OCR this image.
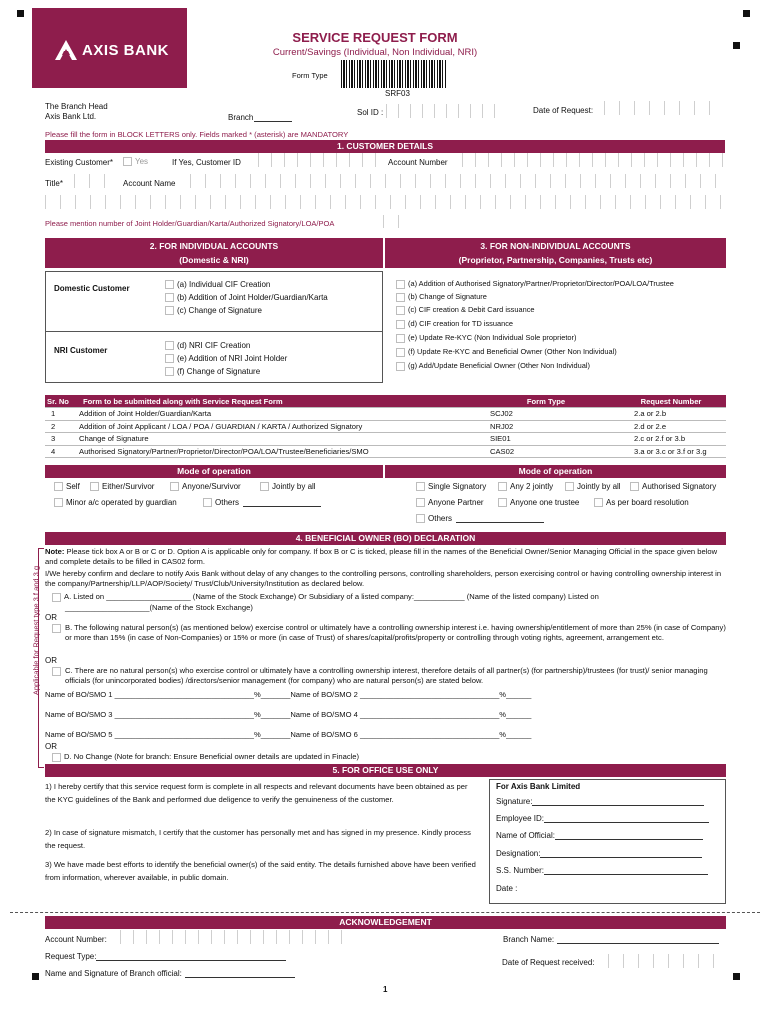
AXIS BANK
SERVICE REQUEST FORM
Current/Savings (Individual, Non Individual, NRI)
Form Type
SRF03
The Branch Head
Axis Bank Ltd.	Branch
Sol ID :	Date of Request:
Please fill the form in BLOCK LETTERS only. Fields marked * (asterisk) are MANDATORY
1. CUSTOMER DETAILS
Existing Customer*	Yes	If Yes, Customer ID	Account Number
Title*	Account Name
Please mention number of Joint Holder/Guardian/Karta/Authorized Signatory/LOA/POA
2. FOR INDIVIDUAL ACCOUNTS
(Domestic & NRI)
3. FOR NON-INDIVIDUAL ACCOUNTS
(Proprietor, Partnership, Companies, Trusts etc)
Domestic Customer	(a) Individual CIF Creation
(b) Addition of Joint Holder/Guardian/Karta
(c) Change of Signature
NRI Customer
(d) NRI CIF Creation
(e) Addition of NRI Joint Holder
(f) Change of Signature
(a) Addition of Authorised Signatory/Partner/Proprietor/Director/POA/LOA/Trustee
(b) Change of Signature
(c) CIF creation & Debit Card issuance
(d) CIF creation for TD issuance
(e) Update Re-KYC (Non Individual Sole proprietor)
(f) Update Re-KYC and Beneficial Owner (Other Non Individual)
(g) Add/Update Beneficial Owner (Other Non Individual)
Sr. No	Form to be submitted along with Service Request Form	Form Type	Request Number
1	Addition of Joint Holder/Guardian/Karta	SCJ02	2.a or 2.b
2	Addition of Joint Applicant / LOA / POA / GUARDIAN / KARTA / Authorized Signatory	NRJ02	2.d or 2.e
3	Change of Signature	SIE01	2.c or 2.f or 3.b
4	Authorised Signatory/Partner/Proprietor/Director/POA/LOA/Trustee/Beneficiaries/SMO	CAS02	3.a or 3.c or 3.f or 3.g
Mode of operation	Mode of operation
Self	Either/Survivor	Anyone/Survivor	Jointly by all
Minor a/c operated by guardian	Others
Single Signatory	Any 2 jointly	Jointly by all	Authorised Signatory
Anyone Partner	Anyone one trustee	As per board resolution
Others
4. BENEFICIAL OWNER (BO) DECLARATION
Applicable for Request type 3.f and 3.g
Note: Please tick box A or B or C or D. Option A is applicable only for company. If box B or C is ticked, please fill in the names of the Beneficial Owner/Senior Managing Official in the space given below and complete details to be filled in CAS02 form.
I/We hereby confirm and declare to notify Axis Bank without delay of any changes to the controlling persons, controlling shareholders, person exercising control or having controlling ownership interest in the company/Partnership/LLP/AOP/Society/ Trust/Club/University/Institution as declared below.
A. Listed on ____________________ (Name of the Stock Exchange) Or Subsidiary of a listed company:____________ (Name of the listed company) Listed on
____________________(Name of the Stock Exchange)
OR
B. The following natural person(s) (as mentioned below) exercise control or ultimately have a controlling ownership interest i.e. having ownership/entitlement of more than 25% (in case of Company) or more than 15% (in case of Non-Companies) or 15% or more (in case of Trust) of shares/capital/profits/property or controlling through voting rights, agreement, arrangement etc.
OR
C. There are no natural person(s) who exercise control or ultimately have a controlling ownership interest, therefore details of all partner(s) (for partnership)/trustees (for trust)/ senior managing officials (for unincorporated bodies) /directors/senior management (for company) who are natural person(s) are stated below.
Name of BO/SMO 1 _________________________________%_______Name of BO/SMO 2 _________________________________%______
Name of BO/SMO 3 _________________________________%_______Name of BO/SMO 4 _________________________________%______
Name of BO/SMO 5 _________________________________%_______Name of BO/SMO 6 _________________________________%______
OR
D. No Change (Note for branch: Ensure Beneficial owner details are updated in Finacle)
5. FOR OFFICE USE ONLY
1) I hereby certify that this service request form is complete in all respects and relevant documents have been obtained as per the KYC guidelines of the Bank and performed due deligence to verify the genuineness of the customer.
2) In case of signature mismatch, I certify that the customer has personally met and has signed in my presence. Kindly process the request.
3) We have made best efforts to identify the beneficial owner(s) of the said entity. The details furnished above have been verified from information, wherever available, in public domain.
For Axis Bank Limited
Signature:
Employee ID:
Name of Official:
Designation:
S.S. Number:
Date :
ACKNOWLEDGEMENT
Account Number:	Branch Name:
Request Type:
Date of Request received:
Name and Signature of Branch official:
1
